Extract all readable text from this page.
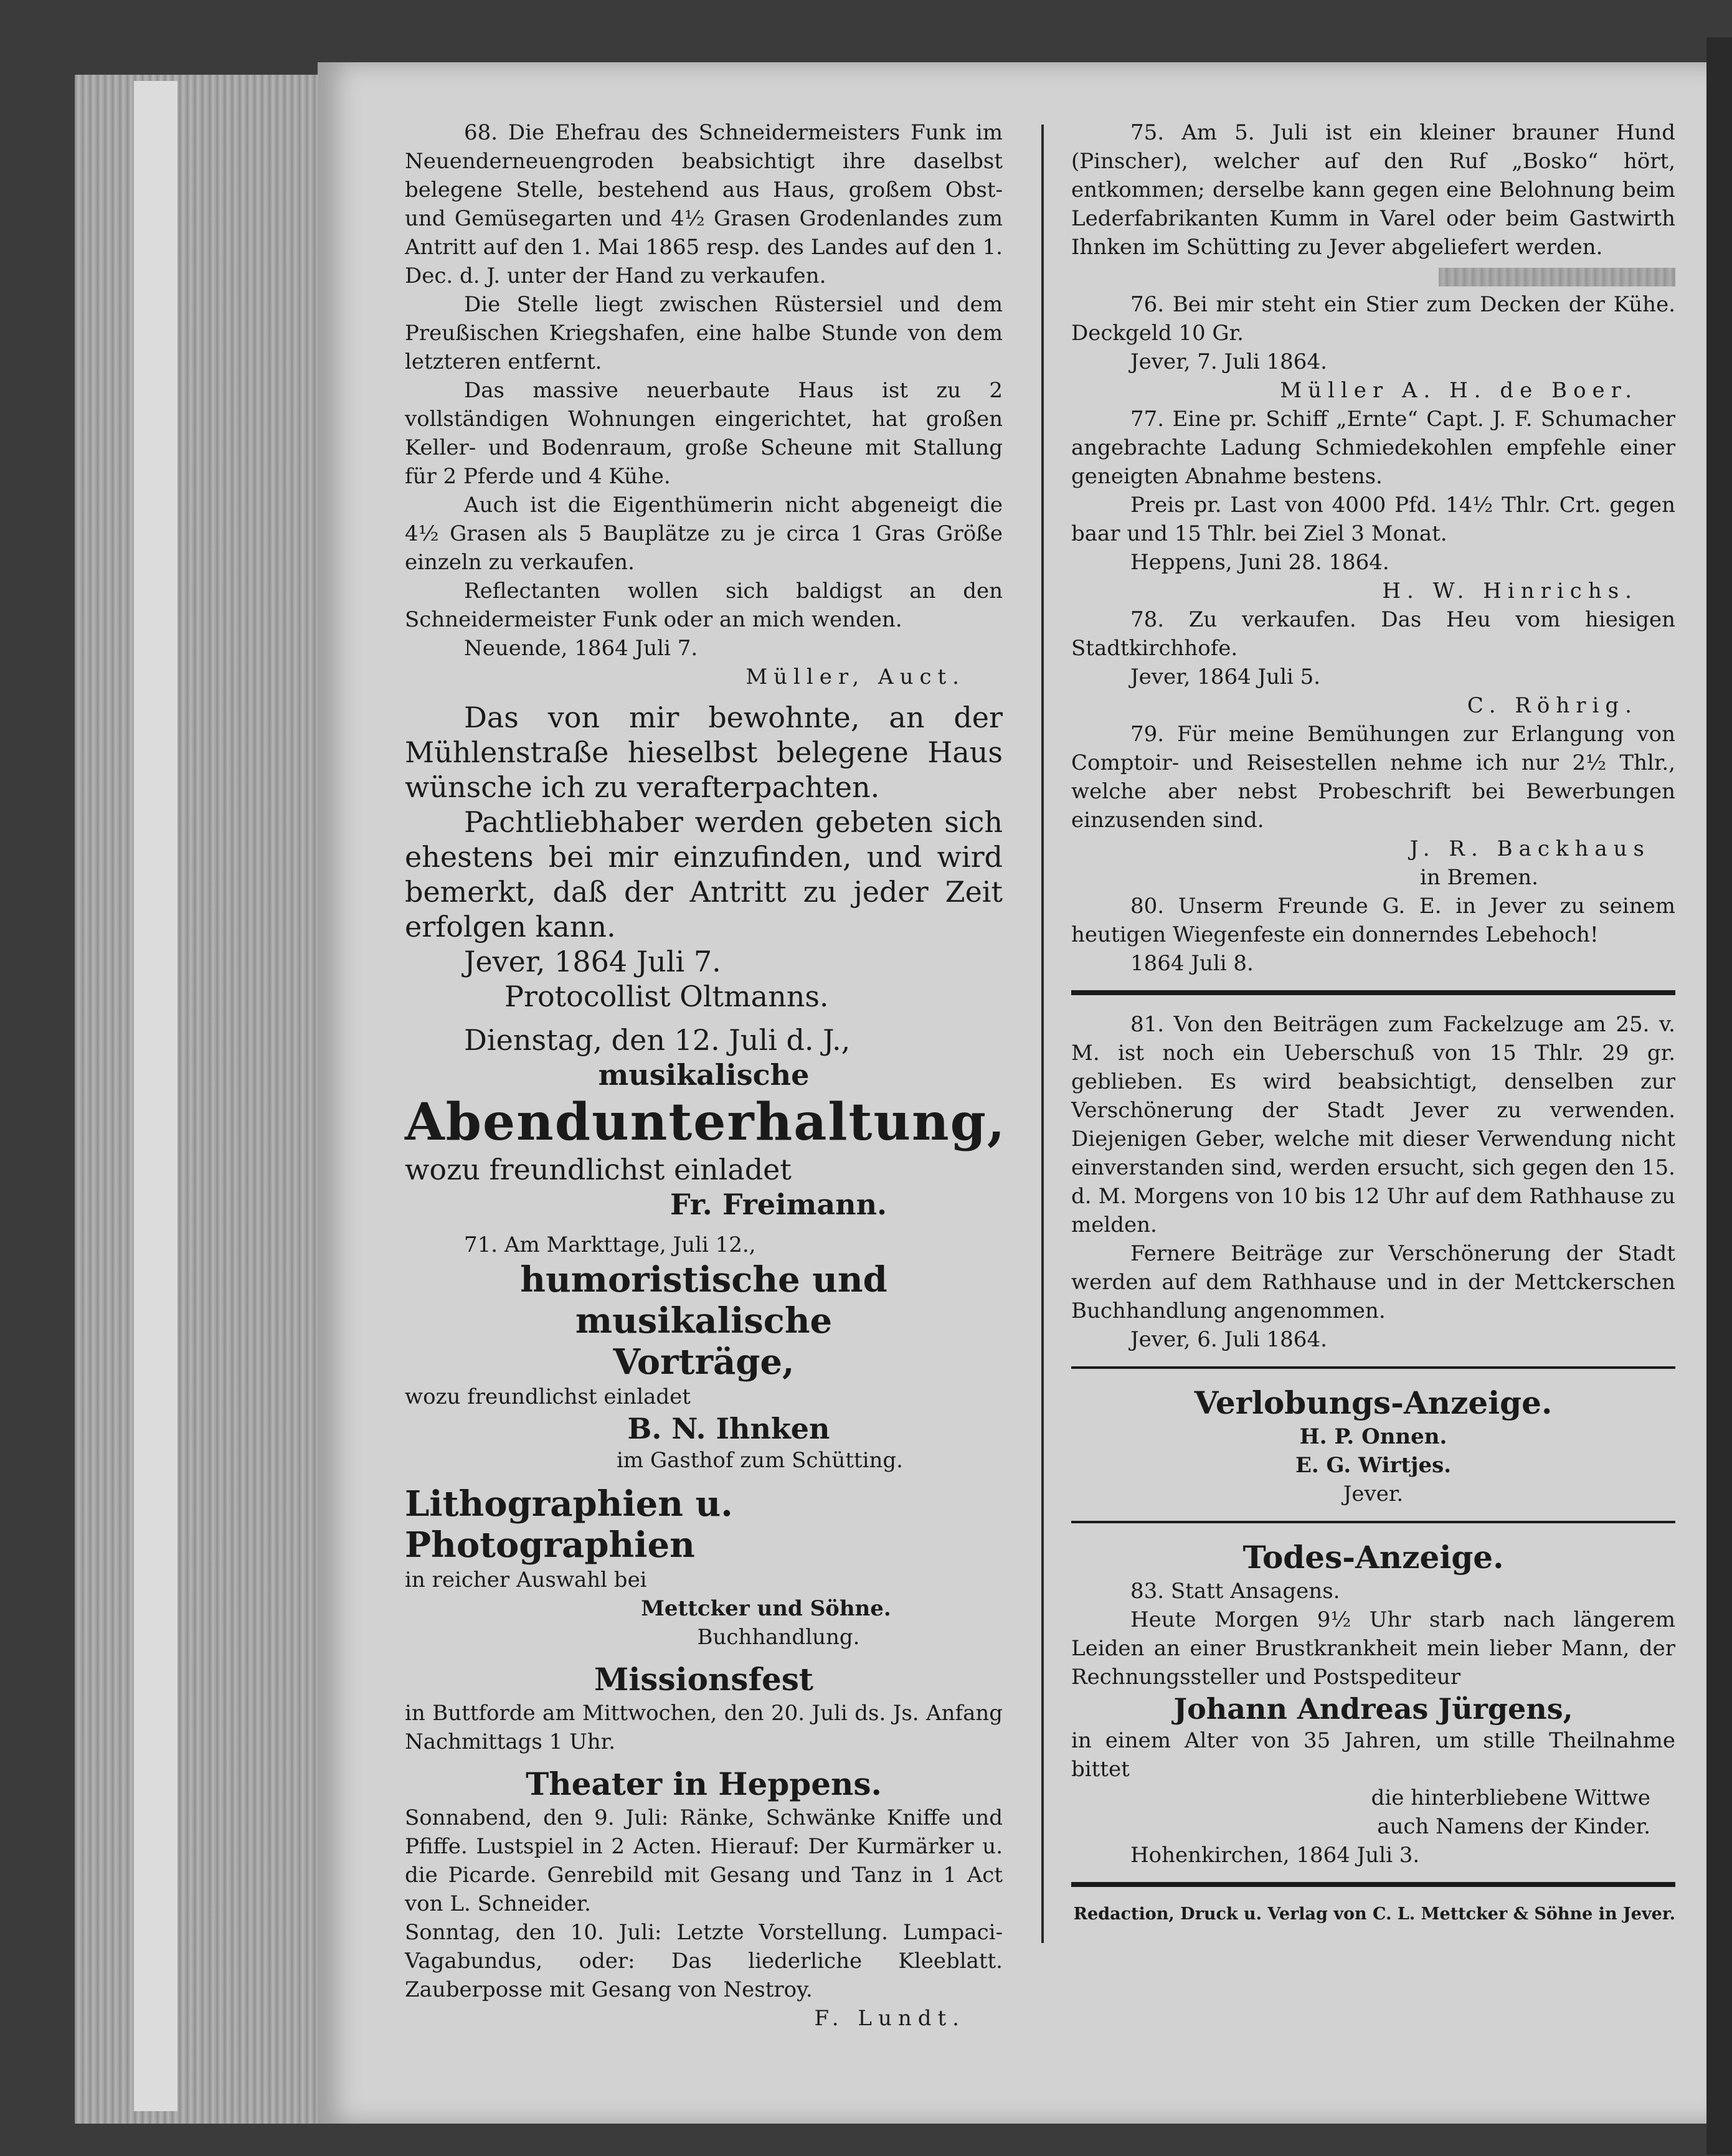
68. Die Ehefrau des Schneidermeisters Funk im Neuenderneuengroden beabsichtigt ihre daselbst belegene Stelle, bestehend aus Haus, großem Obst- und Gemüsegarten und 4½ Grasen Grodenlandes zum Antritt auf den 1. Mai 1865 resp. des Landes auf den 1. Dec. d. J. unter der Hand zu verkaufen.

Die Stelle liegt zwischen Rüstersiel und dem Preußischen Kriegshafen, eine halbe Stunde von dem letzteren entfernt.

Das massive neuerbaute Haus ist zu 2 vollständigen Wohnungen eingerichtet, hat großen Keller- und Bodenraum, große Scheune mit Stallung für 2 Pferde und 4 Kühe.

Auch ist die Eigenthümerin nicht abgeneigt die 4½ Grasen als 5 Bauplätze zu je circa 1 Gras Größe einzeln zu verkaufen.

Reflectanten wollen sich baldigst an den Schneidermeister Funk oder an mich wenden.

Neuende, 1864 Juli 7.

Müller, Auct.

Das von mir bewohnte, an der Mühlenstraße hieselbst belegene Haus wünsche ich zu verafterpachten.

Pachtliebhaber werden gebeten sich ehestens bei mir einzufinden, und wird bemerkt, daß der Antritt zu jeder Zeit erfolgen kann.

Jever, 1864 Juli 7.

Protocollist Oltmanns.

Dienstag, den 12. Juli d. J.,

musikalische

Abendunterhaltung,

wozu freundlichst einladet

Fr. Freimann.

71. Am Markttage, Juli 12.,

humoristische und musikalische

Vorträge,

wozu freundlichst einladet

B. N. Ihnken

im Gasthof zum Schütting.

Lithographien u. Photographien

in reicher Auswahl bei

Mettcker und Söhne.

Buchhandlung.

Missionsfest

in Buttforde am Mittwochen, den 20. Juli ds. Js. Anfang Nachmittags 1 Uhr.

Theater in Heppens.

Sonnabend, den 9. Juli: Ränke, Schwänke Kniffe und Pfiffe. Lustspiel in 2 Acten. Hierauf: Der Kurmärker u. die Picarde. Genrebild mit Gesang und Tanz in 1 Act von L. Schneider.

Sonntag, den 10. Juli: Letzte Vorstellung. Lumpaci-Vagabundus, oder: Das liederliche Kleeblatt. Zauberposse mit Gesang von Nestroy.

F. Lundt.

75. Am 5. Juli ist ein kleiner brauner Hund (Pinscher), welcher auf den Ruf „Bosko“ hört, entkommen; derselbe kann gegen eine Belohnung beim Lederfabrikanten Kumm in Varel oder beim Gastwirth Ihnken im Schütting zu Jever abgeliefert werden.

76. Bei mir steht ein Stier zum Decken der Kühe. Deckgeld 10 Gr.

Jever, 7. Juli 1864.

Müller A. H. de Boer.

77. Eine pr. Schiff „Ernte“ Capt. J. F. Schumacher angebrachte Ladung Schmiedekohlen empfehle einer geneigten Abnahme bestens.

Preis pr. Last von 4000 Pfd. 14½ Thlr. Crt. gegen baar und 15 Thlr. bei Ziel 3 Monat.

Heppens, Juni 28. 1864.

H. W. Hinrichs.

78. Zu verkaufen. Das Heu vom hiesigen Stadtkirchhofe.

Jever, 1864 Juli 5.

C. Röhrig.

79. Für meine Bemühungen zur Erlangung von Comptoir- und Reisestellen nehme ich nur 2½ Thlr., welche aber nebst Probeschrift bei Bewerbungen einzusenden sind.

J. R. Backhaus

in Bremen.

80. Unserm Freunde G. E. in Jever zu seinem heutigen Wiegenfeste ein donnerndes Lebehoch!

1864 Juli 8.

81. Von den Beiträgen zum Fackelzuge am 25. v. M. ist noch ein Ueberschuß von 15 Thlr. 29 gr. geblieben. Es wird beabsichtigt, denselben zur Verschönerung der Stadt Jever zu verwenden. Diejenigen Geber, welche mit dieser Verwendung nicht einverstanden sind, werden ersucht, sich gegen den 15. d. M. Morgens von 10 bis 12 Uhr auf dem Rathhause zu melden.

Fernere Beiträge zur Verschönerung der Stadt werden auf dem Rathhause und in der Mettckerschen Buchhandlung angenommen.

Jever, 6. Juli 1864.

Verlobungs-Anzeige.

H. P. Onnen.

E. G. Wirtjes.

Jever.

Todes-Anzeige.

83. Statt Ansagens.

Heute Morgen 9½ Uhr starb nach längerem Leiden an einer Brustkrankheit mein lieber Mann, der Rechnungssteller und Postspediteur

Johann Andreas Jürgens,

in einem Alter von 35 Jahren, um stille Theilnahme bittet

die hinterbliebene Wittwe

auch Namens der Kinder.

Hohenkirchen, 1864 Juli 3.

Redaction, Druck u. Verlag von C. L. Mettcker & Söhne in Jever.
